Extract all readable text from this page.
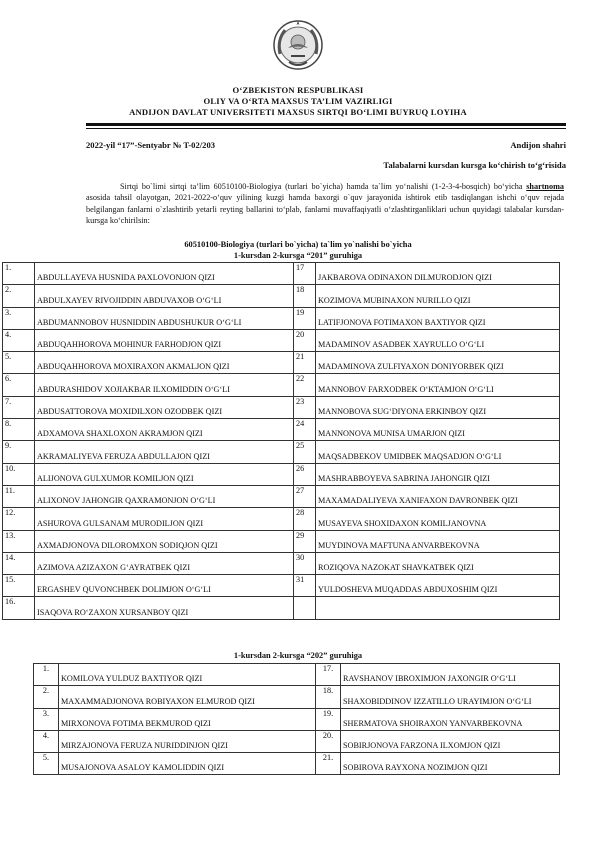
O‘ZBEKISTON RESPUBLIKASI
OLIY VA O‘RTA MAXSUS TA’LIM VAZIRLIGI
ANDIJON DAVLAT UNIVERSITETI MAXSUS SIRTQI BO‘LIMI BUYRUQ LOYIHA
2022-yil “17”-Sentyabr № T-02/203	Andijon shahri
Talabalarni kursdan kursga ko‘chirish to‘g‘risida
Sirtqi bo`limi sirtqi ta’lim 60510100-Biologiya (turlari bo`yicha) hamda ta`lim yo‘nalishi (1-2-3-4-bosqich) bo‘yicha shartnoma asosida tahsil olayotgan, 2021-2022-o‘quv yilining kuzgi hamda baxorgi o`quv jarayonida ishtirok etib tasdiqlangan ishchi o‘quv rejada belgilangan fanlarni o`zlashtirib yetarli reyting ballarini to‘plab, fanlarni muvaffaqiyatli o‘zlashtirganliklari uchun quyidagi talabalar kursdan-kursga ko‘chirilsin:
60510100-Biologiya (turlari bo`yicha) ta`lim yo`nalishi bo`yicha
1-kursdan 2-kursga “201” guruhiga
1.	ABDULLAYEVA HUSNIDA PAXLOVONJON QIZI	17	JAKBAROVA ODINAXON DILMURODJON QIZI
2.	ABDULXAYEV RIVOJIDDIN ABDUVAXOB O‘G‘LI	18	KOZIMOVA MUBINAXON NURILLO QIZI
3.	ABDUMANNOBOV HUSNIDDIN ABDUSHUKUR O‘G‘LI	19	LATIFJONOVA FOTIMAXON BAXTIYOR QIZI
4.	ABDUQAHHOROVA MOHINUR FARHODJON QIZI	20	MADAMINOV ASADBEK XAYRULLO O‘G‘LI
5.	ABDUQAHHOROVA MOXIRAXON AKMALJON QIZI	21	MADAMINOVA ZULFIYAXON DONIYORBEK QIZI
6.	ABDURASHIDOV XOJIAKBAR ILXOMIDDIN O‘G‘LI	22	MANNOBOV FARXODBEK O‘KTAMJON O‘G‘LI
7.	ABDUSATTOROVA MOXIDILXON OZODBEK QIZI	23	MANNOBOVA SUG‘DIYONA ERKINBOY QIZI
8.	ADXAMOVA SHAXLOXON AKRAMJON QIZI	24	MANNONOVA MUNISA UMARJON QIZI
9.	AKRAMALIYEVA FERUZA ABDULLAJON QIZI	25	MAQSADBEKOV UMIDBEK MAQSADJON O‘G‘LI
10.	ALIJONOVA GULXUMOR KOMILJON QIZI	26	MASHRABBOYEVA SABRINA JAHONGIR QIZI
11.	ALIXONOV JAHONGIR QAXRAMONJON O‘G‘LI	27	MAXAMADALIYEVA XANIFAXON DAVRONBEK QIZI
12.	ASHUROVA GULSANAM MURODILJON QIZI	28	MUSAYEVA SHOXIDAXON KOMILJANOVNA
13.	AXMADJONOVA DILOROMXON SODIQJON QIZI	29	MUYDINOVA MAFTUNA ANVARBEKOVNA
14.	AZIMOVA AZIZAXON G‘AYRATBEK QIZI	30	ROZIQOVA NAZOKAT SHAVKATBEK QIZI
15.	ERGASHEV QUVONCHBEK DOLIMJON O‘G‘LI	31	YULDOSHEVA MUQADDAS ABDUXOSHIM QIZI
16.	ISAQOVA RO‘ZAXON XURSANBOY QIZI		
1-kursdan 2-kursga “202” guruhiga
1.	KOMILOVA YULDUZ BAXTIYOR QIZI	17.	RAVSHANOV IBROXIMJON JAXONGIR O‘G‘LI
2.	MAXAMMADJONOVA ROBIYAXON ELMUROD QIZI	18.	SHAXOBIDDINOV IZZATILLO URAYIMJON O‘G‘LI
3.	MIRXONOVA FOTIMA BEKMUROD QIZI	19.	SHERMATOVA SHOIRAXON YANVARBEKOVNA
4.	MIRZAJONOVA FERUZA NURIDDINJON QIZI	20.	SOBIRJONOVA FARZONA ILXOMJON QIZI
5.	MUSAJONOVA ASALOY KAMOLIDDIN QIZI	21.	SOBIROVA RAYXONA NOZIMJON QIZI
